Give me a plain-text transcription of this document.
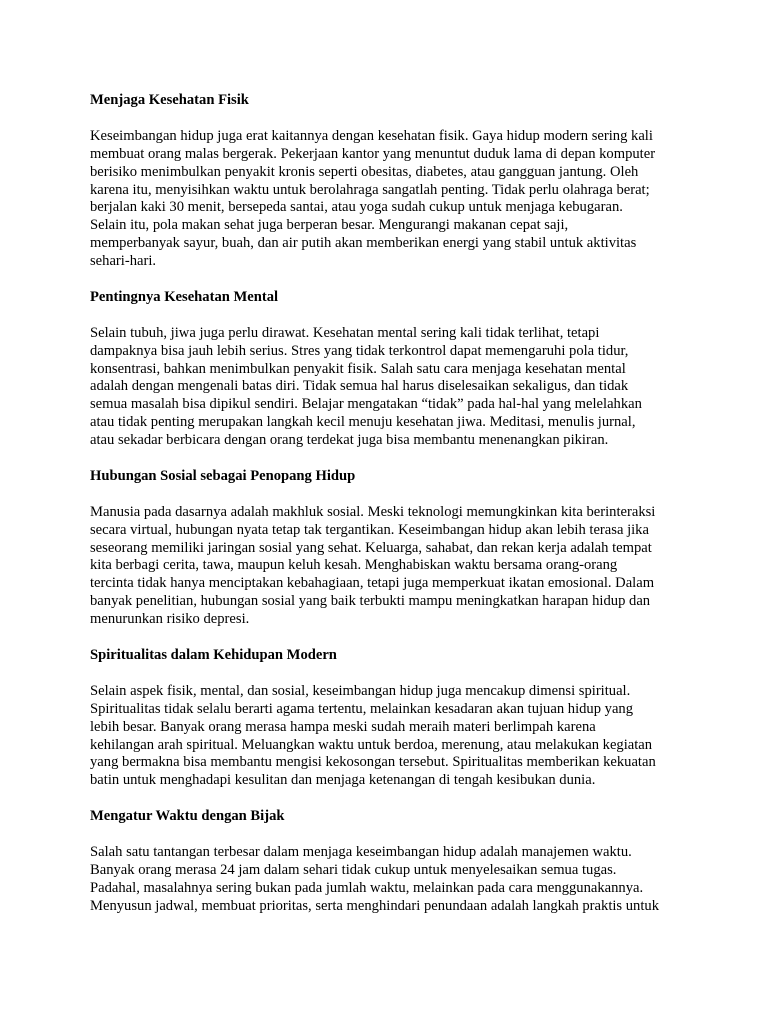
Menjaga Kesehatan Fisik
Keseimbangan hidup juga erat kaitannya dengan kesehatan fisik. Gaya hidup modern sering kali
membuat orang malas bergerak. Pekerjaan kantor yang menuntut duduk lama di depan komputer
berisiko menimbulkan penyakit kronis seperti obesitas, diabetes, atau gangguan jantung. Oleh
karena itu, menyisihkan waktu untuk berolahraga sangatlah penting. Tidak perlu olahraga berat;
berjalan kaki 30 menit, bersepeda santai, atau yoga sudah cukup untuk menjaga kebugaran.
Selain itu, pola makan sehat juga berperan besar. Mengurangi makanan cepat saji,
memperbanyak sayur, buah, dan air putih akan memberikan energi yang stabil untuk aktivitas
sehari-hari.
Pentingnya Kesehatan Mental
Selain tubuh, jiwa juga perlu dirawat. Kesehatan mental sering kali tidak terlihat, tetapi
dampaknya bisa jauh lebih serius. Stres yang tidak terkontrol dapat memengaruhi pola tidur,
konsentrasi, bahkan menimbulkan penyakit fisik. Salah satu cara menjaga kesehatan mental
adalah dengan mengenali batas diri. Tidak semua hal harus diselesaikan sekaligus, dan tidak
semua masalah bisa dipikul sendiri. Belajar mengatakan “tidak” pada hal-hal yang melelahkan
atau tidak penting merupakan langkah kecil menuju kesehatan jiwa. Meditasi, menulis jurnal,
atau sekadar berbicara dengan orang terdekat juga bisa membantu menenangkan pikiran.
Hubungan Sosial sebagai Penopang Hidup
Manusia pada dasarnya adalah makhluk sosial. Meski teknologi memungkinkan kita berinteraksi
secara virtual, hubungan nyata tetap tak tergantikan. Keseimbangan hidup akan lebih terasa jika
seseorang memiliki jaringan sosial yang sehat. Keluarga, sahabat, dan rekan kerja adalah tempat
kita berbagi cerita, tawa, maupun keluh kesah. Menghabiskan waktu bersama orang-orang
tercinta tidak hanya menciptakan kebahagiaan, tetapi juga memperkuat ikatan emosional. Dalam
banyak penelitian, hubungan sosial yang baik terbukti mampu meningkatkan harapan hidup dan
menurunkan risiko depresi.
Spiritualitas dalam Kehidupan Modern
Selain aspek fisik, mental, dan sosial, keseimbangan hidup juga mencakup dimensi spiritual.
Spiritualitas tidak selalu berarti agama tertentu, melainkan kesadaran akan tujuan hidup yang
lebih besar. Banyak orang merasa hampa meski sudah meraih materi berlimpah karena
kehilangan arah spiritual. Meluangkan waktu untuk berdoa, merenung, atau melakukan kegiatan
yang bermakna bisa membantu mengisi kekosongan tersebut. Spiritualitas memberikan kekuatan
batin untuk menghadapi kesulitan dan menjaga ketenangan di tengah kesibukan dunia.
Mengatur Waktu dengan Bijak
Salah satu tantangan terbesar dalam menjaga keseimbangan hidup adalah manajemen waktu.
Banyak orang merasa 24 jam dalam sehari tidak cukup untuk menyelesaikan semua tugas.
Padahal, masalahnya sering bukan pada jumlah waktu, melainkan pada cara menggunakannya.
Menyusun jadwal, membuat prioritas, serta menghindari penundaan adalah langkah praktis untuk
